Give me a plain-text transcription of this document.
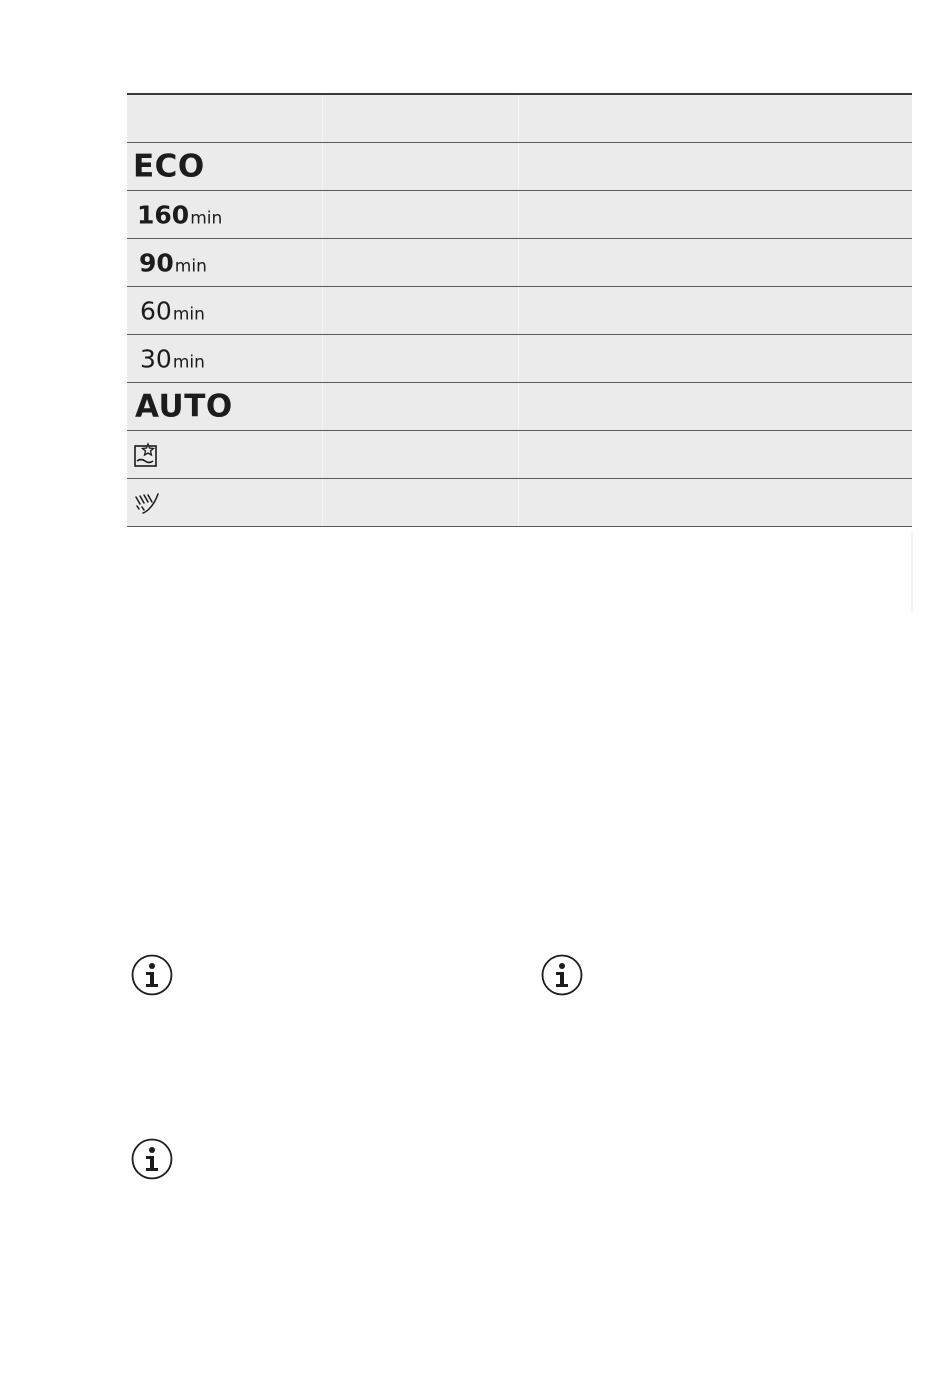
ECO
160min
90min
60min
30min
AUTO
